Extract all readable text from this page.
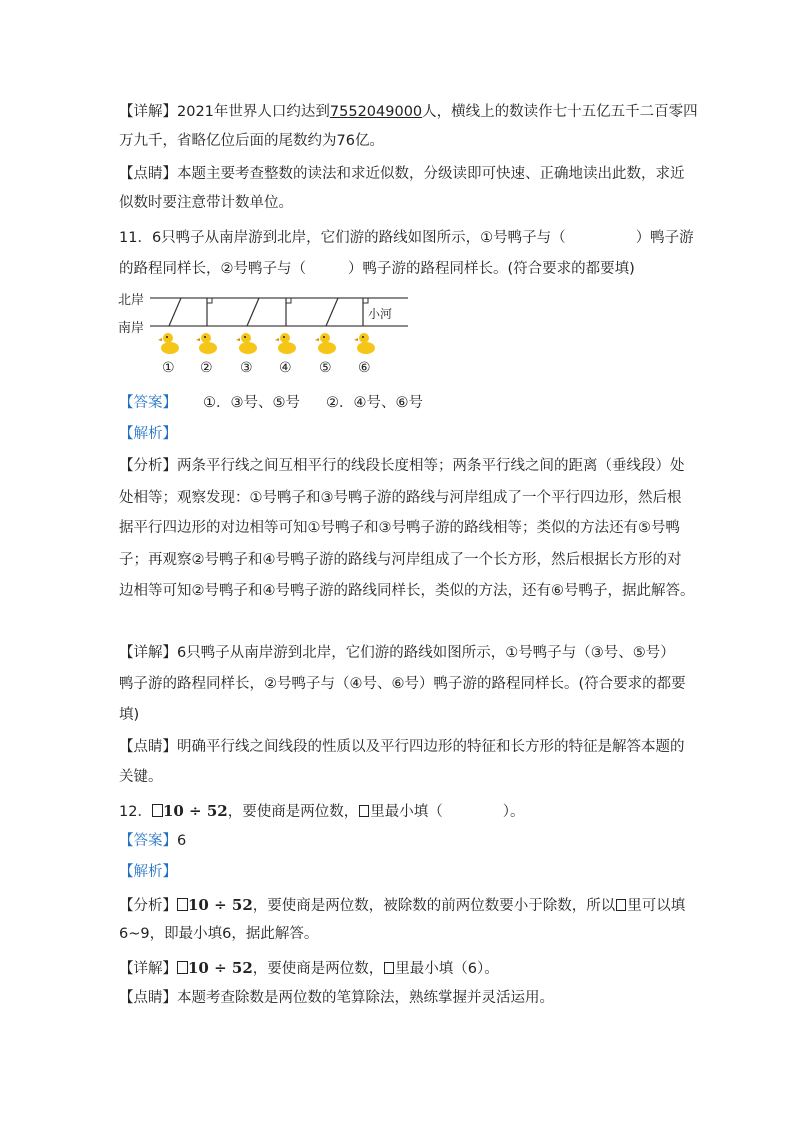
【详解】2021年世界人口约达到7552049000人，横线上的数读作七十五亿五千二百零四
万九千，省略亿位后面的尾数约为76亿。
【点睛】本题主要考查整数的读法和求近似数，分级读即可快速、正确地读出此数，求近
似数时要注意带计数单位。
11．6只鸭子从南岸游到北岸，它们游的路线如图所示，①号鸭子与（	）鸭子游
的路程同样长，②号鸭子与（	）鸭子游的路程同样长。(符合要求的都要填)
北岸
南岸
小河
① ② ③ ④ ⑤ ⑥
【答案】 ①．③号、⑤号 ②．④号、⑥号
【解析】
【分析】两条平行线之间互相平行的线段长度相等；两条平行线之间的距离（垂线段）处
处相等；观察发现：①号鸭子和③号鸭子游的路线与河岸组成了一个平行四边形，然后根
据平行四边形的对边相等可知①号鸭子和③号鸭子游的路线相等；类似的方法还有⑤号鸭
子；再观察②号鸭子和④号鸭子游的路线与河岸组成了一个长方形，然后根据长方形的对
边相等可知②号鸭子和④号鸭子游的路线同样长，类似的方法，还有⑥号鸭子，据此解答。
【详解】6只鸭子从南岸游到北岸，它们游的路线如图所示，①号鸭子与（③号、⑤号）
鸭子游的路程同样长，②号鸭子与（④号、⑥号）鸭子游的路程同样长。(符合要求的都要
填)
【点睛】明确平行线之间线段的性质以及平行四边形的特征和长方形的特征是解答本题的
关键。
12． 10 ÷ 52，要使商是两位数， 里最小填（	）。
【答案】6
【解析】
【分析】 10 ÷ 52，要使商是两位数，被除数的前两位数要小于除数，所以 里可以填
6~9，即最小填6，据此解答。
【详解】 10 ÷ 52，要使商是两位数， 里最小填（6）。
【点睛】本题考查除数是两位数的笔算除法，熟练掌握并灵活运用。
